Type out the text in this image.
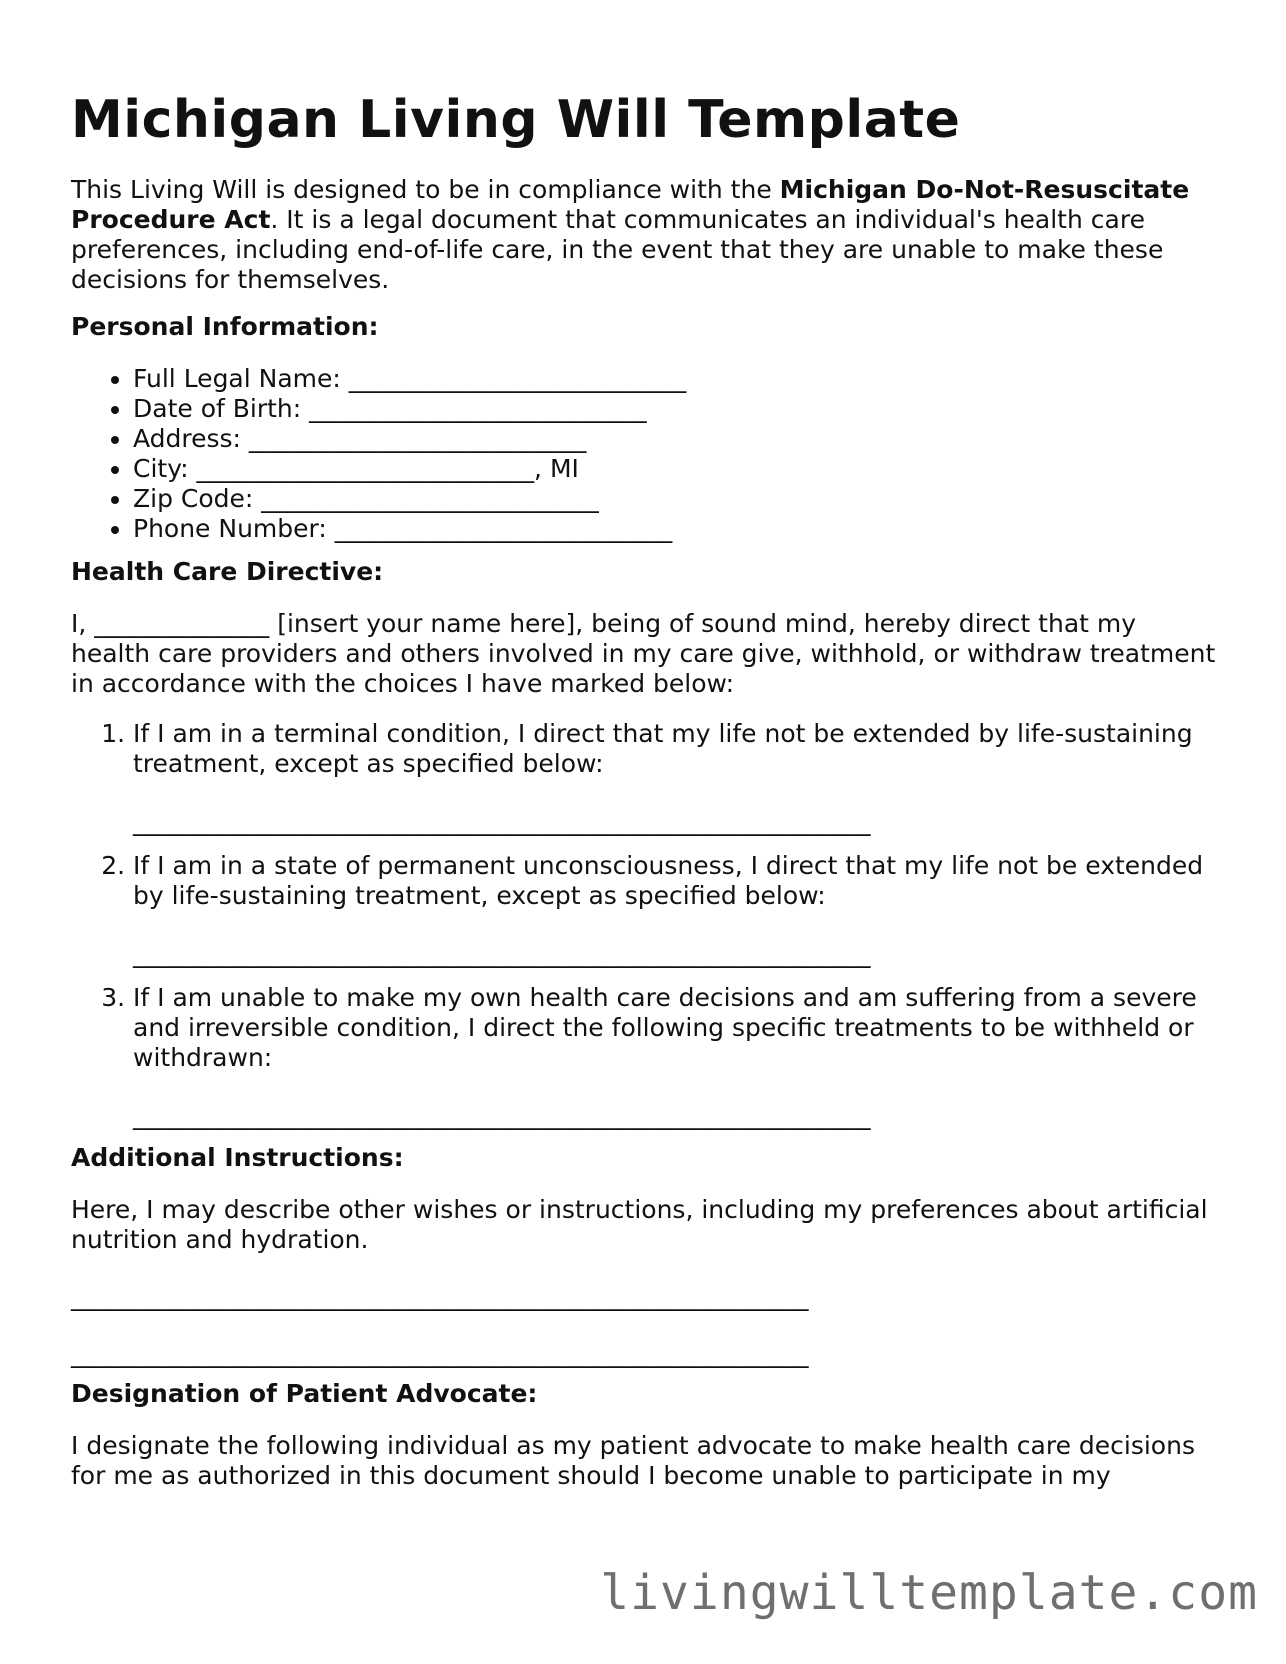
Michigan Living Will Template

This Living Will is designed to be in compliance with the Michigan Do-Not-Resuscitate Procedure Act. It is a legal document that communicates an individual's health care preferences, including end-of-life care, in the event that they are unable to make these decisions for themselves.

Personal Information:
• Full Legal Name: ___________________________
• Date of Birth: ___________________________
• Address: ___________________________
• City: ___________________________, MI
• Zip Code: ___________________________
• Phone Number: ___________________________
Health Care Directive:

I, ______________ [insert your name here], being of sound mind, hereby direct that my health care providers and others involved in my care give, withhold, or withdraw treatment in accordance with the choices I have marked below:

1. If I am in a terminal condition, I direct that my life not be extended by life-sustaining treatment, except as specified below:
___________________________________________________________
2. If I am in a state of permanent unconsciousness, I direct that my life not be extended by life-sustaining treatment, except as specified below:
___________________________________________________________
3. If I am unable to make my own health care decisions and am suffering from a severe and irreversible condition, I direct the following specific treatments to be withheld or withdrawn:
___________________________________________________________
Additional Instructions:

Here, I may describe other wishes or instructions, including my preferences about artificial nutrition and hydration.

___________________________________________________________
___________________________________________________________
Designation of Patient Advocate:

I designate the following individual as my patient advocate to make health care decisions for me as authorized in this document should I become unable to participate in my

livingwilltemplate.com
